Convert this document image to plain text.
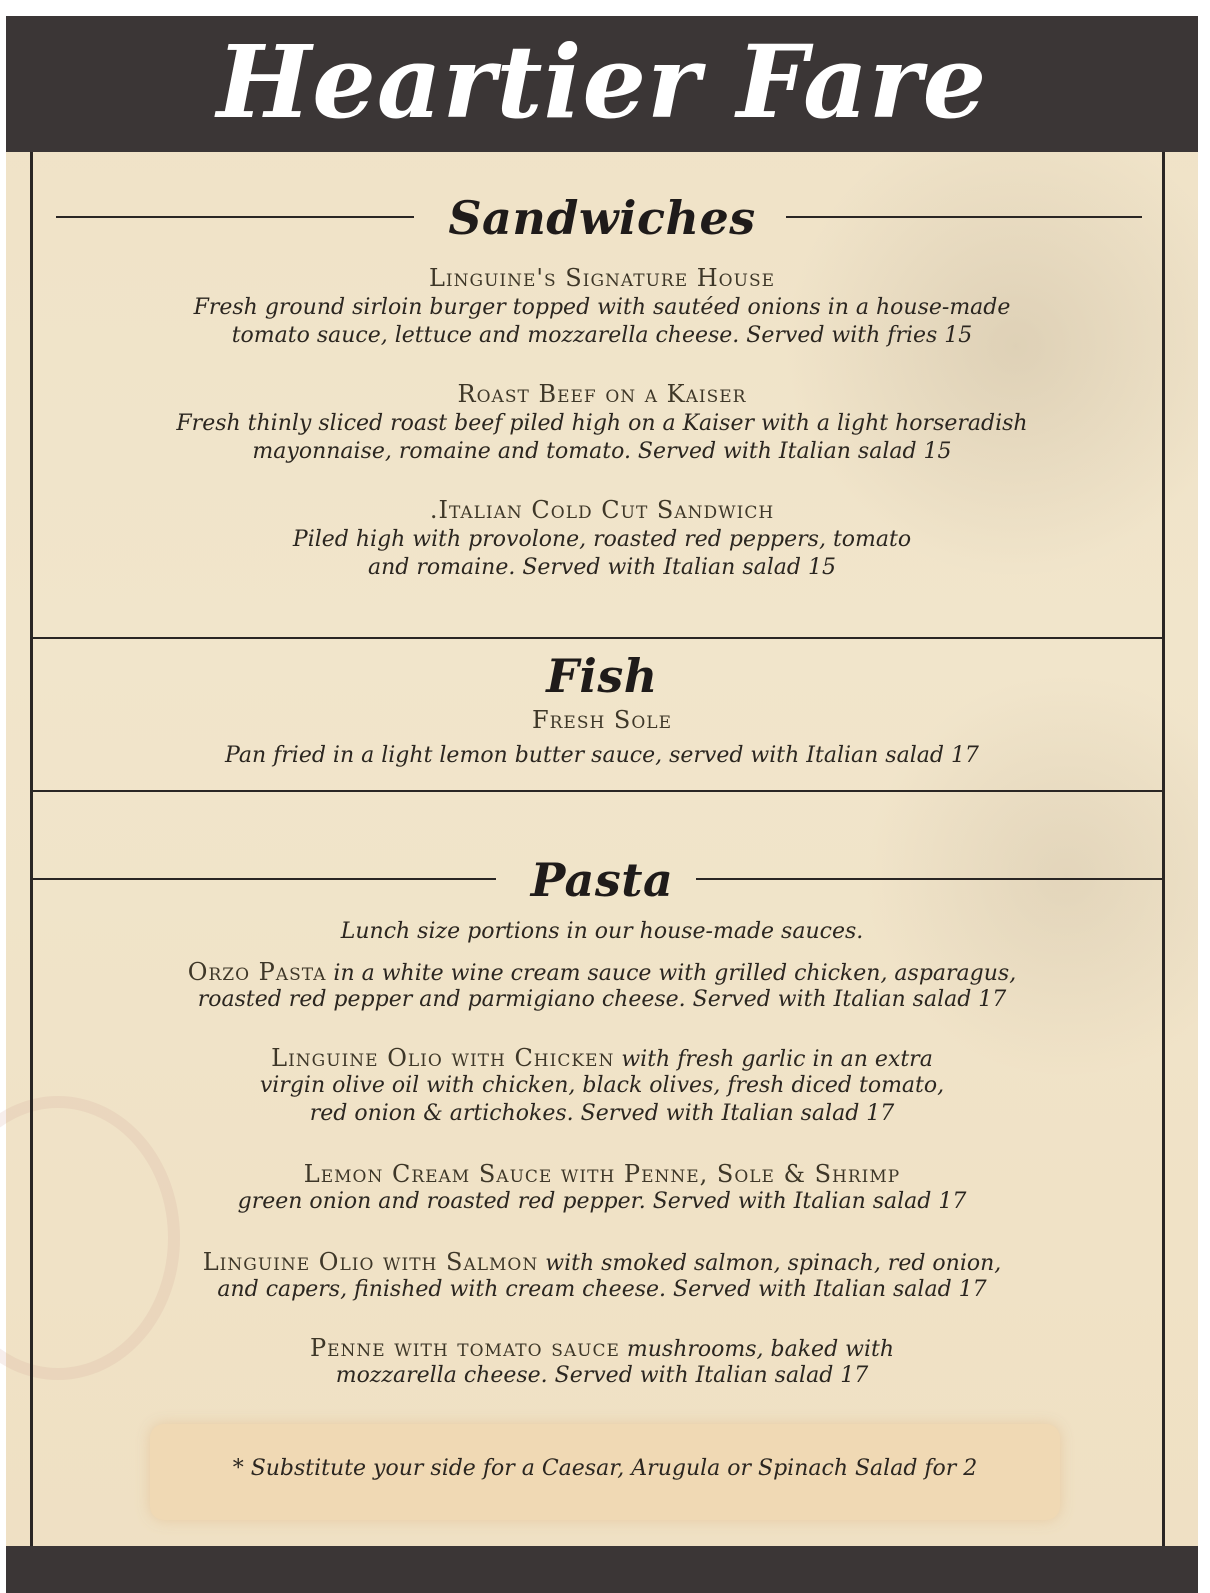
Heartier Fare
Sandwiches
Linguine's Signature House
Fresh ground sirloin burger topped with sautéed onions in a house-made
tomato sauce, lettuce and mozzarella cheese. Served with fries 15
Roast Beef on a Kaiser
Fresh thinly sliced roast beef piled high on a Kaiser with a light horseradish
mayonnaise, romaine and tomato. Served with Italian salad 15
.Italian Cold Cut Sandwich
Piled high with provolone, roasted red peppers, tomato
and romaine. Served with Italian salad 15
Fish
Fresh Sole
Pan fried in a light lemon butter sauce, served with Italian salad 17
Pasta
Lunch size portions in our house-made sauces.
Orzo Pasta in a white wine cream sauce with grilled chicken, asparagus,
roasted red pepper and parmigiano cheese. Served with Italian salad 17
Linguine Olio with Chicken with fresh garlic in an extra
virgin olive oil with chicken, black olives, fresh diced tomato,
red onion & artichokes. Served with Italian salad 17
Lemon Cream Sauce with Penne, Sole & Shrimp
green onion and roasted red pepper. Served with Italian salad 17
Linguine Olio with Salmon with smoked salmon, spinach, red onion,
and capers, finished with cream cheese. Served with Italian salad 17
Penne with tomato sauce mushrooms, baked with
mozzarella cheese. Served with Italian salad 17
* Substitute your side for a Caesar, Arugula or Spinach Salad for 2
